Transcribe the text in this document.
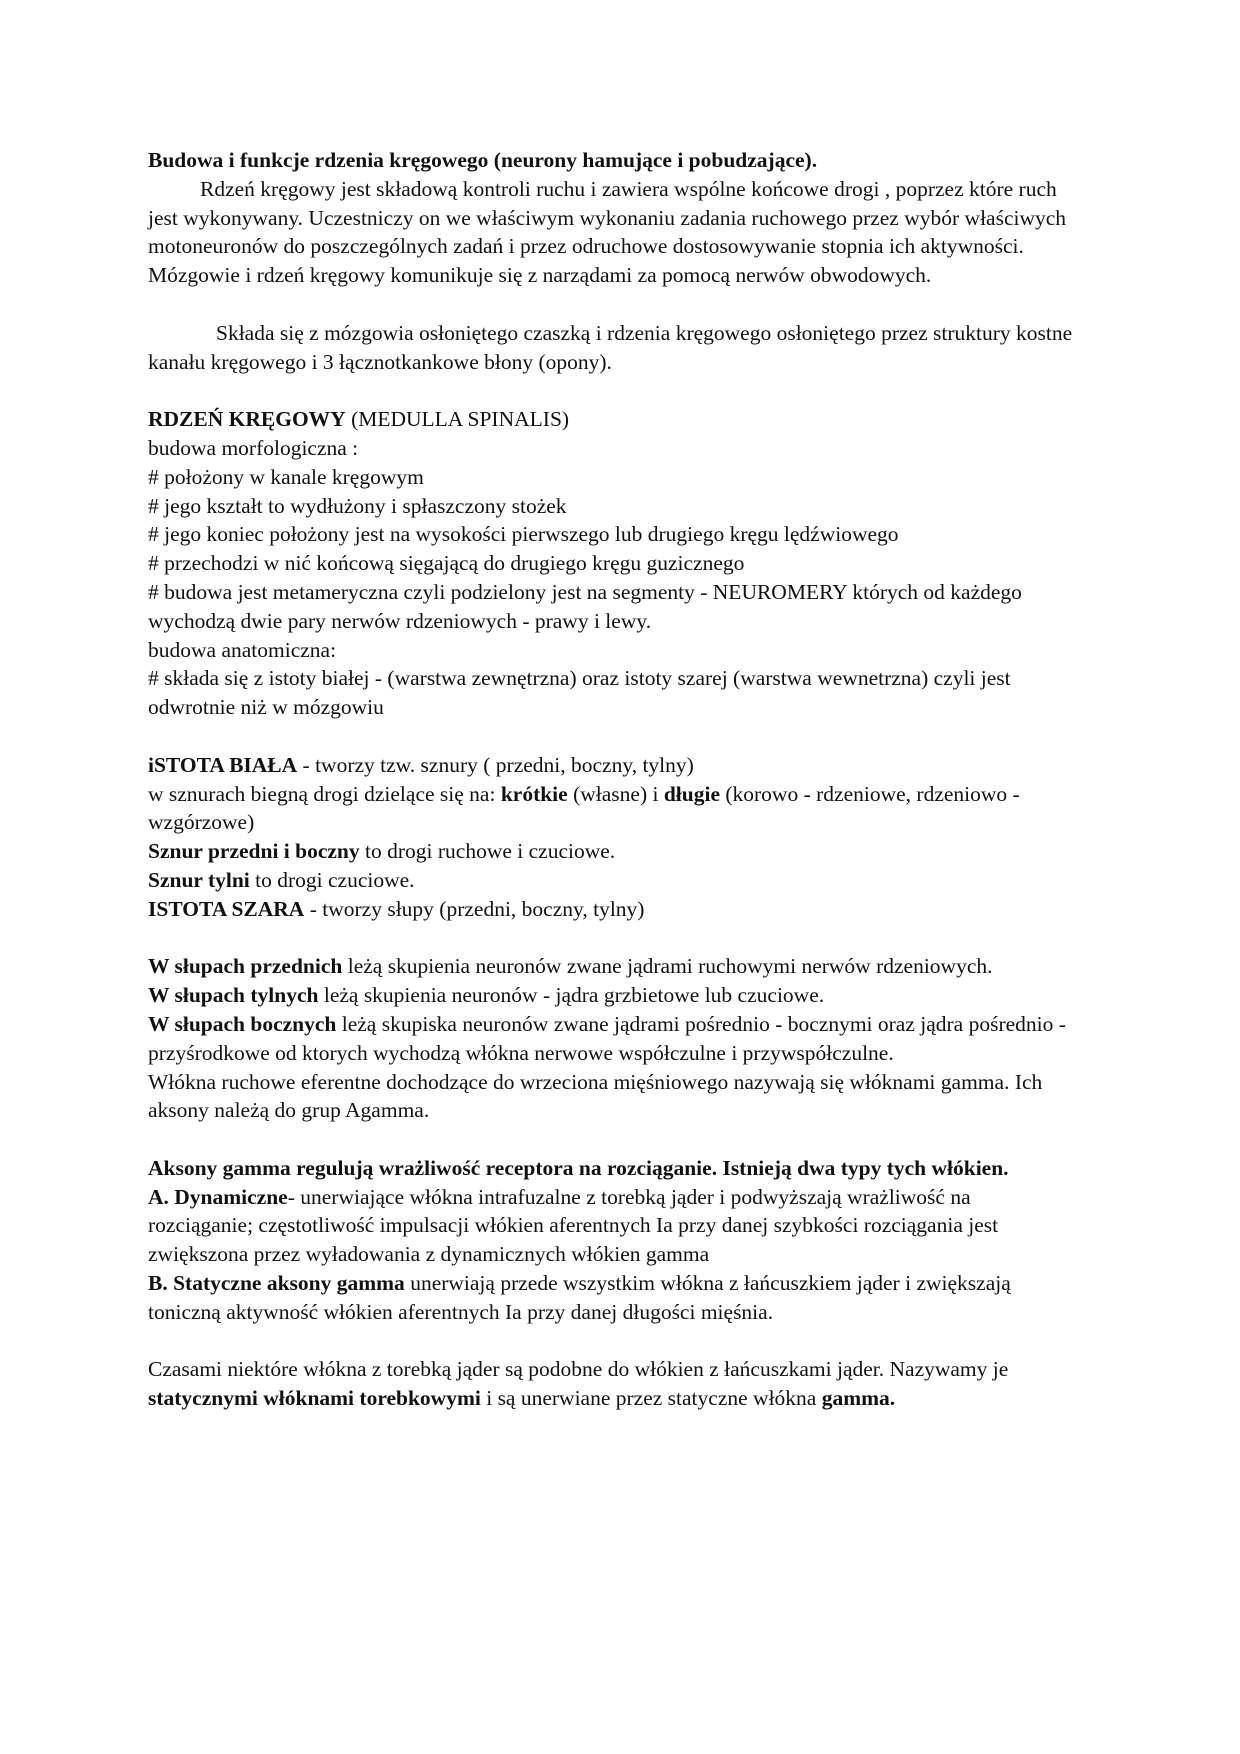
Budowa i funkcje rdzenia kręgowego (neurony hamujące i pobudzające).

Rdzeń kręgowy jest składową kontroli ruchu i zawiera wspólne końcowe drogi , poprzez które ruch jest wykonywany. Uczestniczy on we właściwym wykonaniu zadania ruchowego przez wybór właściwych motoneuronów do poszczególnych zadań i przez odruchowe dostosowywanie stopnia ich aktywności. Mózgowie i rdzeń kręgowy komunikuje się z narządami za pomocą nerwów obwodowych.

Składa się z mózgowia osłoniętego czaszką i rdzenia kręgowego osłoniętego przez struktury kostne kanału kręgowego i 3 łącznotkankowe błony (opony).

RDZEŃ KRĘGOWY (MEDULLA SPINALIS)

budowa morfologiczna :

# położony w kanale kręgowym

# jego kształt to wydłużony i spłaszczony stożek

# jego koniec położony jest na wysokości pierwszego lub drugiego kręgu lędźwiowego

# przechodzi w nić końcową sięgającą do drugiego kręgu guzicznego

# budowa jest metameryczna czyli podzielony jest na segmenty - NEUROMERY których od każdego wychodzą dwie pary nerwów rdzeniowych - prawy i lewy.

budowa anatomiczna:

# składa się z istoty białej - (warstwa zewnętrzna) oraz istoty szarej (warstwa wewnetrzna) czyli jest odwrotnie niż w mózgowiu

iSTOTA BIAŁA - tworzy tzw. sznury ( przedni, boczny, tylny)

w sznurach biegną drogi dzielące się na: krótkie (własne) i długie (korowo - rdzeniowe, rdzeniowo - wzgórzowe)

Sznur przedni i boczny to drogi ruchowe i czuciowe.

Sznur tylni to drogi czuciowe.

ISTOTA SZARA - tworzy słupy (przedni, boczny, tylny)

W słupach przednich leżą skupienia neuronów zwane jądrami ruchowymi nerwów rdzeniowych.

W słupach tylnych leżą skupienia neuronów - jądra grzbietowe lub czuciowe.

W słupach bocznych leżą skupiska neuronów zwane jądrami pośrednio - bocznymi oraz jądra pośrednio - przyśrodkowe od ktorych wychodzą włókna nerwowe współczulne i przywspółczulne.

Włókna ruchowe eferentne dochodzące do wrzeciona mięśniowego nazywają się włóknami gamma. Ich aksony należą do grup Agamma.

Aksony gamma regulują wrażliwość receptora na rozciąganie. Istnieją dwa typy tych włókien.

A. Dynamiczne- unerwiające włókna intrafuzalne z torebką jąder i podwyższają wrażliwość na rozciąganie; częstotliwość impulsacji włókien aferentnych Ia przy danej szybkości rozciągania jest zwiększona przez wyładowania z dynamicznych włókien gamma

B. Statyczne aksony gamma unerwiają przede wszystkim włókna z łańcuszkiem jąder i zwiększają toniczną aktywność włókien aferentnych Ia przy danej długości mięśnia.

Czasami niektóre włókna z torebką jąder są podobne do włókien z łańcuszkami jąder. Nazywamy je statycznymi włóknami torebkowymi i są unerwiane przez statyczne włókna gamma.
